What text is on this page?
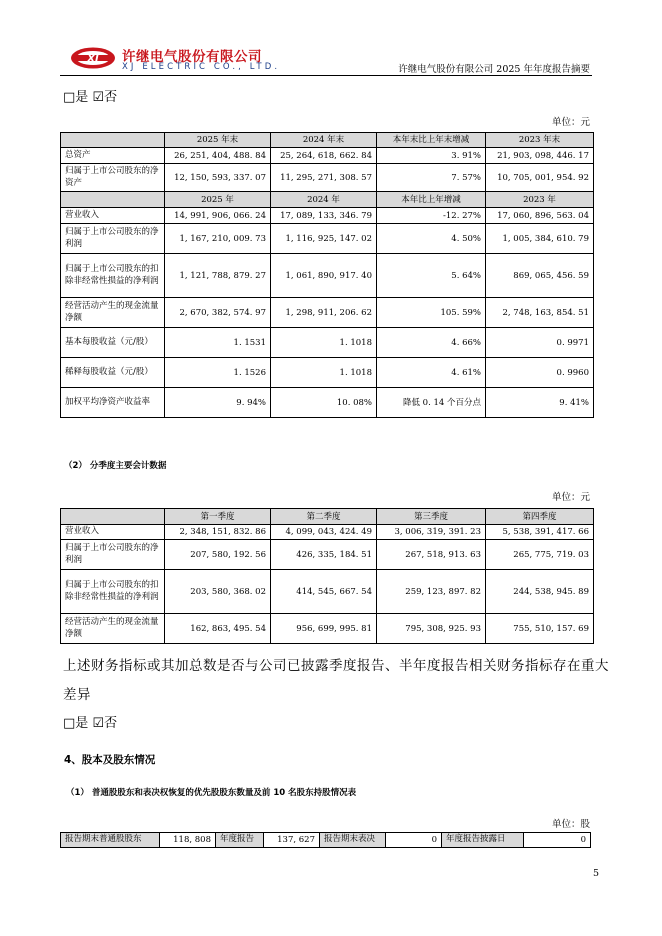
XJ 许继电气股份有限公司
XJ ELECTRIC CO., LTD.	许继电气股份有限公司 2025 年年度报告摘要
□是 ☑否
单位：元
	2025 年末	2024 年末	本年末比上年末增减	2023 年末
总资产	26, 251, 404, 488. 84	25, 264, 618, 662. 84	3. 91%	21, 903, 098, 446. 17
归属于上市公司股东的净资产	12, 150, 593, 337. 07	11, 295, 271, 308. 57	7. 57%	10, 705, 001, 954. 92
	2025 年	2024 年	本年比上年增减	2023 年
营业收入	14, 991, 906, 066. 24	17, 089, 133, 346. 79	-12. 27%	17, 060, 896, 563. 04
归属于上市公司股东的净利润	1, 167, 210, 009. 73	1, 116, 925, 147. 02	4. 50%	1, 005, 384, 610. 79
归属于上市公司股东的扣除非经常性损益的净利润	1, 121, 788, 879. 27	1, 061, 890, 917. 40	5. 64%	869, 065, 456. 59
经营活动产生的现金流量净额	2, 670, 382, 574. 97	1, 298, 911, 206. 62	105. 59%	2, 748, 163, 854. 51
基本每股收益（元/股）	1. 1531	1. 1018	4. 66%	0. 9971
稀释每股收益（元/股）	1. 1526	1. 1018	4. 61%	0. 9960
加权平均净资产收益率	9. 94%	10. 08%	降低 0. 14 个百分点	9. 41%
（2） 分季度主要会计数据
单位：元
	第一季度	第二季度	第三季度	第四季度
营业收入	2, 348, 151, 832. 86	4, 099, 043, 424. 49	3, 006, 319, 391. 23	5, 538, 391, 417. 66
归属于上市公司股东的净利润	207, 580, 192. 56	426, 335, 184. 51	267, 518, 913. 63	265, 775, 719. 03
归属于上市公司股东的扣除非经常性损益的净利润	203, 580, 368. 02	414, 545, 667. 54	259, 123, 897. 82	244, 538, 945. 89
经营活动产生的现金流量净额	162, 863, 495. 54	956, 699, 995. 81	795, 308, 925. 93	755, 510, 157. 69
上述财务指标或其加总数是否与公司已披露季度报告、半年度报告相关财务指标存在重大
差异
□是 ☑否
4、股本及股东情况
（1） 普通股股东和表决权恢复的优先股股东数量及前 10 名股东持股情况表
单位：股
报告期末普通股股东	118, 808	年度报告	137, 627	报告期末表决	0	年度报告披露日	0
5
